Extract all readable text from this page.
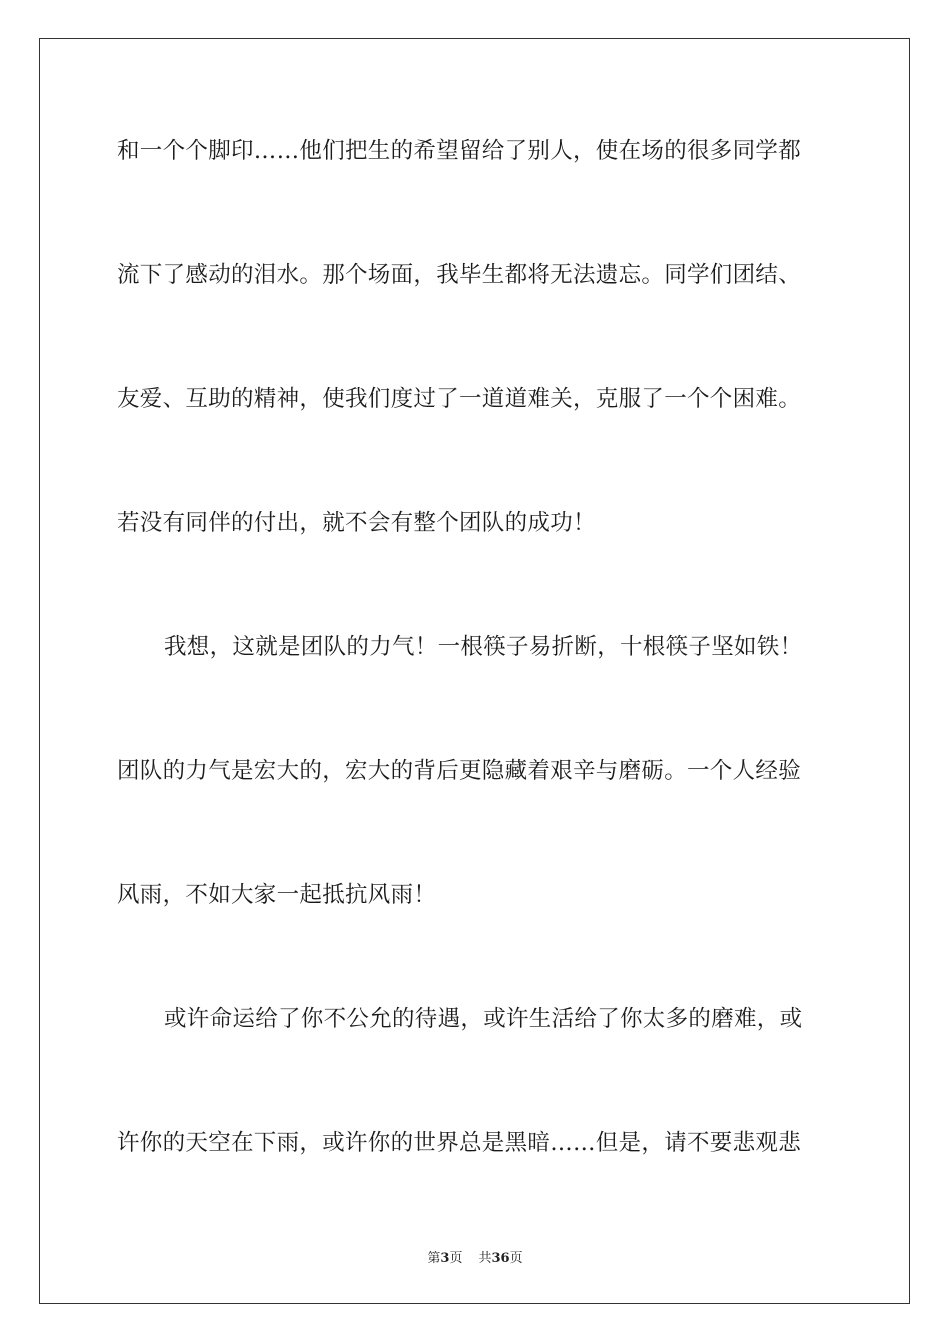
和一个个脚印……他们把生的希望留给了别人，使在场的很多同学都
流下了感动的泪水。那个场面，我毕生都将无法遗忘。同学们团结、
友爱、互助的精神，使我们度过了一道道难关，克服了一个个困难。
若没有同伴的付出，就不会有整个团队的成功！
我想，这就是团队的力气！一根筷子易折断，十根筷子坚如铁！
团队的力气是宏大的，宏大的背后更隐藏着艰辛与磨砺。一个人经验
风雨，不如大家一起抵抗风雨！
或许命运给了你不公允的待遇，或许生活给了你太多的磨难，或
许你的天空在下雨，或许你的世界总是黑暗……但是，请不要悲观悲
第3页 共36页
